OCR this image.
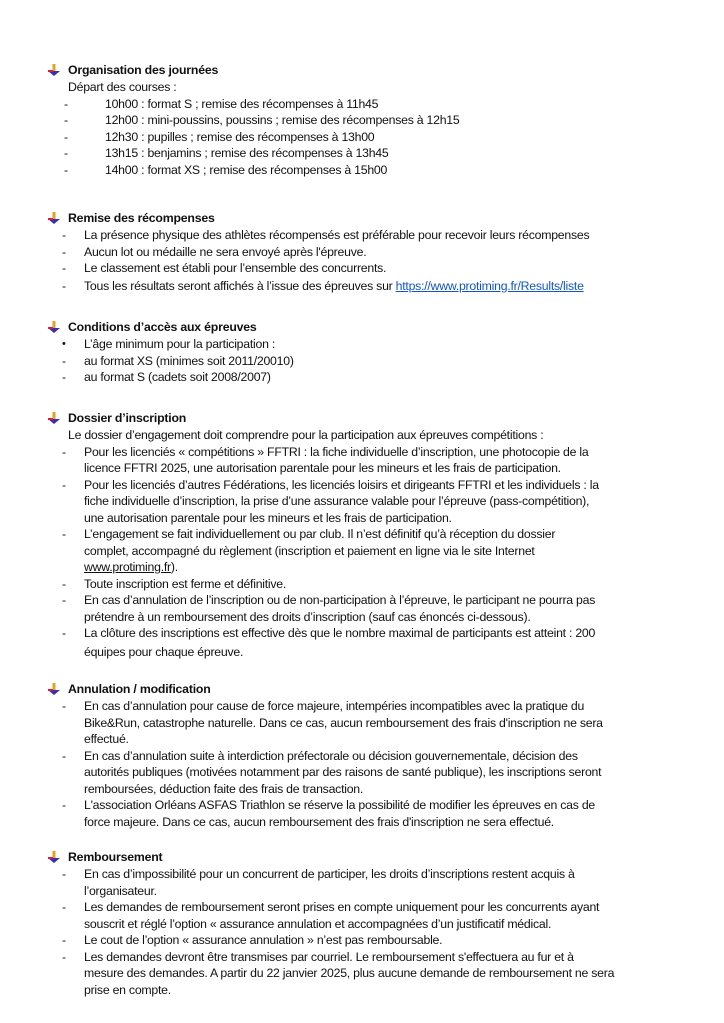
Organisation des journées
Départ des courses :
-	10h00 : format S ; remise des récompenses à 11h45
-	12h00 : mini-poussins, poussins ; remise des récompenses à 12h15
-	12h30 : pupilles ; remise des récompenses à 13h00
-	13h15 : benjamins ; remise des récompenses à 13h45
-	14h00 : format XS ; remise des récompenses à 15h00
Remise des récompenses
- La présence physique des athlètes récompensés est préférable pour recevoir leurs récompenses
- Aucun lot ou médaille ne sera envoyé après l'épreuve.
- Le classement est établi pour l’ensemble des concurrents.
- Tous les résultats seront affichés à l’issue des épreuves sur https://www.protiming.fr/Results/liste
Conditions d’accès aux épreuves
• L’âge minimum pour la participation :
- au format XS (minimes soit 2011/20010)
- au format S (cadets soit 2008/2007)
Dossier d’inscription
Le dossier d’engagement doit comprendre pour la participation aux épreuves compétitions :
- Pour les licenciés « compétitions » FFTRI : la fiche individuelle d’inscription, une photocopie de la
licence FFTRI 2025, une autorisation parentale pour les mineurs et les frais de participation.
- Pour les licenciés d’autres Fédérations, les licenciés loisirs et dirigeants FFTRI et les individuels : la
fiche individuelle d’inscription, la prise d’une assurance valable pour l’épreuve (pass-compétition),
une autorisation parentale pour les mineurs et les frais de participation.
- L’engagement se fait individuellement ou par club. Il n’est définitif qu’à réception du dossier
complet, accompagné du règlement (inscription et paiement en ligne via le site Internet
www.protiming.fr).
- Toute inscription est ferme et définitive.
- En cas d’annulation de l’inscription ou de non-participation à l’épreuve, le participant ne pourra pas
prétendre à un remboursement des droits d’inscription (sauf cas énoncés ci-dessous).
- La clôture des inscriptions est effective dès que le nombre maximal de participants est atteint : 200
équipes pour chaque épreuve.
Annulation / modification
- En cas d’annulation pour cause de force majeure, intempéries incompatibles avec la pratique du
Bike&Run, catastrophe naturelle. Dans ce cas, aucun remboursement des frais d'inscription ne sera
effectué.
- En cas d’annulation suite à interdiction préfectorale ou décision gouvernementale, décision des
autorités publiques (motivées notamment par des raisons de santé publique), les inscriptions seront
remboursées, déduction faite des frais de transaction.
- L'association Orléans ASFAS Triathlon se réserve la possibilité de modifier les épreuves en cas de
force majeure. Dans ce cas, aucun remboursement des frais d'inscription ne sera effectué.
Remboursement
- En cas d’impossibilité pour un concurrent de participer, les droits d’inscriptions restent acquis à
l’organisateur.
- Les demandes de remboursement seront prises en compte uniquement pour les concurrents ayant
souscrit et réglé l’option « assurance annulation et accompagnées d’un justificatif médical.
- Le cout de l’option « assurance annulation » n’est pas remboursable.
- Les demandes devront être transmises par courriel. Le remboursement s'effectuera au fur et à
mesure des demandes. A partir du 22 janvier 2025, plus aucune demande de remboursement ne sera
prise en compte.
